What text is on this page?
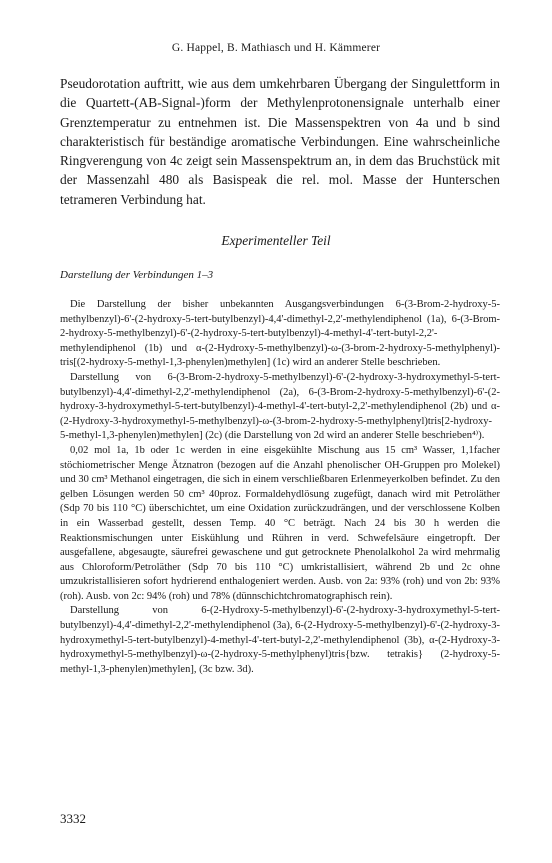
G. Happel, B. Mathiasch und H. Kämmerer

Pseudorotation auftritt, wie aus dem umkehrbaren Übergang der Singulettform in die Quartett-(AB-Signal-)form der Methylenprotonensignale unterhalb einer Grenztemperatur zu entnehmen ist. Die Massenspektren von 4a und b sind charakteristisch für beständige aromatische Verbindungen. Eine wahrscheinliche Ringverengung von 4c zeigt sein Massenspektrum an, in dem das Bruchstück mit der Massenzahl 480 als Basispeak die rel. mol. Masse der Hunterschen tetrameren Verbindung hat.

Experimenteller Teil
Darstellung der Verbindungen 1–3

Die Darstellung der bisher unbekannten Ausgangsverbindungen 6-(3-Brom-2-hydroxy-5-methylbenzyl)-6'-(2-hydroxy-5-tert-butylbenzyl)-4,4'-dimethyl-2,2'-methylendiphenol (1a), 6-(3-Brom-2-hydroxy-5-methylbenzyl)-6'-(2-hydroxy-5-tert-butylbenzyl)-4-methyl-4'-tert-butyl-2,2'-methylendiphenol (1b) und α-(2-Hydroxy-5-methylbenzyl)-ω-(3-brom-2-hydroxy-5-methylphenyl)-tris[(2-hydroxy-5-methyl-1,3-phenylen)methylen] (1c) wird an anderer Stelle beschrieben.

Darstellung von 6-(3-Brom-2-hydroxy-5-methylbenzyl)-6'-(2-hydroxy-3-hydroxymethyl-5-tert-butylbenzyl)-4,4'-dimethyl-2,2'-methylendiphenol (2a), 6-(3-Brom-2-hydroxy-5-methylbenzyl)-6'-(2-hydroxy-3-hydroxymethyl-5-tert-butylbenzyl)-4-methyl-4'-tert-butyl-2,2'-methylendiphenol (2b) und α-(2-Hydroxy-3-hydroxymethyl-5-methylbenzyl)-ω-(3-brom-2-hydroxy-5-methylphenyl)tris[2-hydroxy-5-methyl-1,3-phenylen)methylen] (2c) (die Darstellung von 2d wird an anderer Stelle beschrieben⁴⁾).

0,02 mol 1a, 1b oder 1c werden in eine eisgekühlte Mischung aus 15 cm³ Wasser, 1,1facher stöchiometrischer Menge Ätznatron (bezogen auf die Anzahl phenolischer OH-Gruppen pro Molekel) und 30 cm³ Methanol eingetragen, die sich in einem verschließbaren Erlenmeyerkolben befindet. Zu den gelben Lösungen werden 50 cm³ 40proz. Formaldehydlösung zugefügt, danach wird mit Petroläther (Sdp 70 bis 110 °C) überschichtet, um eine Oxidation zurückzudrängen, und der verschlossene Kolben in ein Wasserbad gestellt, dessen Temp. 40 °C beträgt. Nach 24 bis 30 h werden die Reaktionsmischungen unter Eiskühlung und Rühren in verd. Schwefelsäure eingetropft. Der ausgefallene, abgesaugte, säurefrei gewaschene und gut getrocknete Phenolalkohol 2a wird mehrmalig aus Chloroform/Petroläther (Sdp 70 bis 110 °C) umkristallisiert, während 2b und 2c ohne umzukristallisieren sofort hydrierend enthalogeniert werden. Ausb. von 2a: 93% (roh) und von 2b: 93% (roh). Ausb. von 2c: 94% (roh) und 78% (dünnschichtchromatographisch rein).

Darstellung von 6-(2-Hydroxy-5-methylbenzyl)-6'-(2-hydroxy-3-hydroxymethyl-5-tert-butylbenzyl)-4,4'-dimethyl-2,2'-methylendiphenol (3a), 6-(2-Hydroxy-5-methylbenzyl)-6'-(2-hydroxy-3-hydroxymethyl-5-tert-butylbenzyl)-4-methyl-4'-tert-butyl-2,2'-methylendiphenol (3b), α-(2-Hydroxy-3-hydroxymethyl-5-methylbenzyl)-ω-(2-hydroxy-5-methylphenyl)tris{bzw. tetrakis} (2-hydroxy-5-methyl-1,3-phenylen)methylen], (3c bzw. 3d).

3332
